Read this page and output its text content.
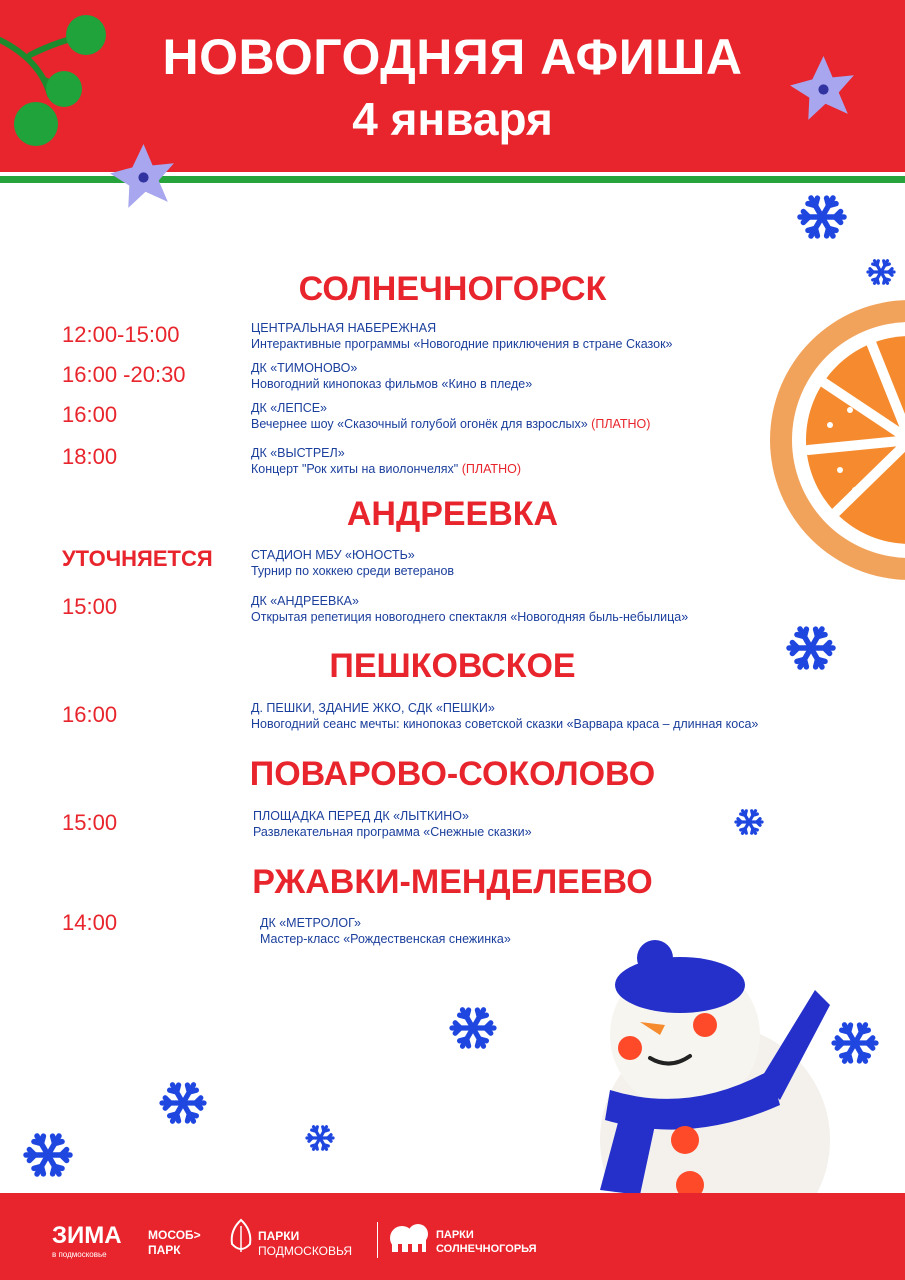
НОВОГОДНЯЯ АФИША
4 января
СОЛНЕЧНОГОРСК
12:00-15:00	ЦЕНТРАЛЬНАЯ НАБЕРЕЖНАЯ
Интерактивные программы «Новогодние приключения в стране Сказок»
16:00 -20:30	ДК «ТИМОНОВО»
Новогодний кинопоказ фильмов «Кино в пледе»
16:00	ДК «ЛЕПСЕ»
Вечернее шоу «Сказочный голубой огонёк для взрослых» (ПЛАТНО)
18:00	ДК «ВЫСТРЕЛ»
Концерт "Рок хиты на виолончелях" (ПЛАТНО)
АНДРЕЕВКА
УТОЧНЯЕТСЯ	СТАДИОН МБУ «ЮНОСТЬ»
Турнир по хоккею среди ветеранов
15:00	ДК «АНДРЕЕВКА»
Открытая репетиция новогоднего спектакля «Новогодняя быль-небылица»
ПЕШКОВСКОЕ
16:00	Д. ПЕШКИ, ЗДАНИЕ ЖКО, СДК «ПЕШКИ»
Новогодний сеанс мечты: кинопоказ советской сказки «Варвара краса – длинная коса»
ПОВАРОВО-СОКОЛОВО
15:00	ПЛОЩАДКА ПЕРЕД ДК «ЛЫТКИНО»
Развлекательная программа «Снежные сказки»
РЖАВКИ-МЕНДЕЛЕЕВО
14:00	ДК «МЕТРОЛОГ»
Мастер-класс «Рождественская снежинка»
ЗИМА
в подмосковье
МОСОБ>
ПАРК
ПАРКИ
ПОДМОСКОВЬЯ
ПАРКИ
СОЛНЕЧНОГОРЬЯ
